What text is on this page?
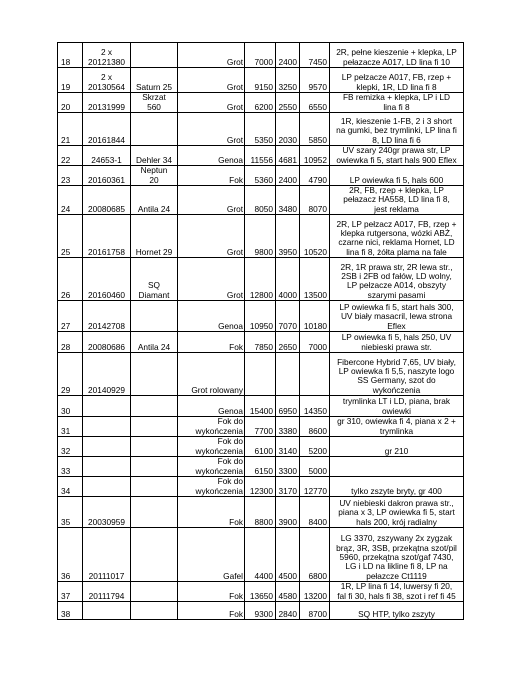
18	2 x
20121380		Grot	7000	2400	7450	2R, pełne kieszenie + klepka, LP
pełazacze A017, LD lina fi 10
19	2 x
20130564	Saturn 25	Grot	9150	3250	9570	LP pełzacze A017, FB, rzep +
klepki, 1R, LD lina fi 8
20	20131999	Skrzat
560	Grot	6200	2550	6550	FB remizka + klepka, LP i LD
lina fi 8
21	20161844		Grot	5350	2030	5850	1R, kieszenie 1-FB, 2 i 3 short
na gumki, bez trymlinki, LP lina fi
8, LD lina fi 6
22	24653-1	Dehler 34	Genoa	11556	4681	10952	UV szary 240gr prawa str, LP
owiewka fi 5, start hals 900 Eflex
23	20160361	Neptun
20	Fok	5360	2400	4790	LP owiewka fi 5, hals 600
24	20080685	Antila 24	Grot	8050	3480	8070	2R, FB, rzep + klepka, LP
pełazacz HA558, LD lina fi 8,
jest reklama
25	20161758	Hornet 29	Grot	9800	3950	10520	2R, LP pełzacz A017, FB, rzep +
klepka rutgersona, wózki ABŻ,
czarne nici, reklama Hornet, LD
lina fi 8, żółta plama na fale
26	20160460	SQ
Diamant	Grot	12800	4000	13500	2R, 1R prawa str, 2R lewa str.,
2SB i 2FB od fałów, LD wolny,
LP pełzacze A014, obszyty
szarymi pasami
27	20142708		Genoa	10950	7070	10180	LP owiewka fi 5, start hals 300,
UV biały masacril, lewa strona
Eflex
28	20080686	Antila 24	Fok	7850	2650	7000	LP owiewka fi 5, hals 250, UV
niebieski prawa str.
29	20140929		Grot rolowany				Fibercone Hybrid 7,65, UV biały,
LP owiewka fi 5,5, naszyte logo
SS Germany, szot do
wykończenia
30			Genoa	15400	6950	14350	trymlinka LT i LD, piana, brak
owiewki
31			Fok do
wykończenia	7700	3380	8600	gr 310, owiewka fi 4, piana x 2 +
trymlinka
32			Fok do
wykończenia	6100	3140	5200	gr 210
33			Fok do
wykończenia	6150	3300	5000	
34			Fok do
wykończenia	12300	3170	12770	tylko zszyte bryty, gr 400
35	20030959		Fok	8800	3900	8400	UV niebieski dakron prawa str.,
piana x 3, LP owiewka fi 5, start
hals 200, krój radialny
36	20111017		Gafel	4400	4500	6800	LG 3370, zszywany 2x zygzak
brąz, 3R, 3SB, przekątna szot/pil
5960, przekątna szot/gaf 7430,
LG i LD na likline fi 8, LP na
pełazcze Ct1119
37	20111794		Fok	13650	4580	13200	1R, LP lina fi 14, luwersy fi 20,
fal fi 30, hals fi 38, szot i ref fi 45
38			Fok	9300	2840	8700	SQ HTP, tylko zszyty
